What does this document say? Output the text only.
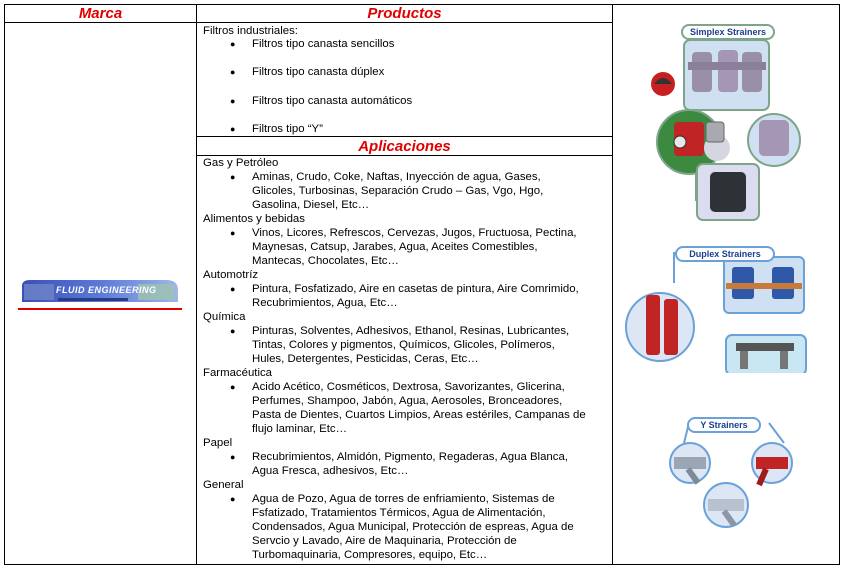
Marca	Productos
Aplicaciones
FLUID ENGINEERING
Filtros industriales:
● Filtros tipo canasta sencillos
● Filtros tipo canasta dúplex
● Filtros tipo canasta automáticos
● Filtros tipo “Y”
Gas y Petróleo
● Aminas, Crudo, Coke, Naftas, Inyección de agua, Gases,
Glicoles, Turbosinas, Separación Crudo – Gas, Vgo, Hgo,
Gasolina, Diesel, Etc…
Alimentos y bebidas
● Vinos, Licores, Refrescos, Cervezas, Jugos, Fructuosa, Pectina,
Maynesas, Catsup, Jarabes, Agua, Aceites Comestibles,
Mantecas, Chocolates, Etc…
Automotríz
● Pintura, Fosfatizado, Aire en casetas de pintura, Aire Comrimido,
Recubrimientos, Agua, Etc…
Química
● Pinturas, Solventes, Adhesivos, Ethanol, Resinas, Lubricantes,
Tintas, Colores y pigmentos, Químicos, Glicoles, Polímeros,
Hules, Detergentes, Pesticidas, Ceras, Etc…
Farmacéutica
● Acido Acético, Cosméticos, Dextrosa, Savorizantes, Glicerina,
Perfumes, Shampoo, Jabón, Agua, Aerosoles, Bronceadores,
Pasta de Dientes, Cuartos Limpios, Areas estériles, Campanas de
flujo laminar, Etc…
Papel
● Recubrimientos, Almidón, Pigmento, Regaderas, Agua Blanca,
Agua Fresca, adhesivos, Etc…
General
● Agua de Pozo, Agua de torres de enfriamiento, Sistemas de
Fsfatizado, Tratamientos Térmicos, Agua de Alimentación,
Condensados, Agua Municipal, Protección de espreas, Agua de
Servcio y Lavado, Aire de Maquinaria, Protección de
Turbomaquinaria, Compresores, equipo, Etc…
Simplex Strainers
Duplex Strainers
Y Strainers
